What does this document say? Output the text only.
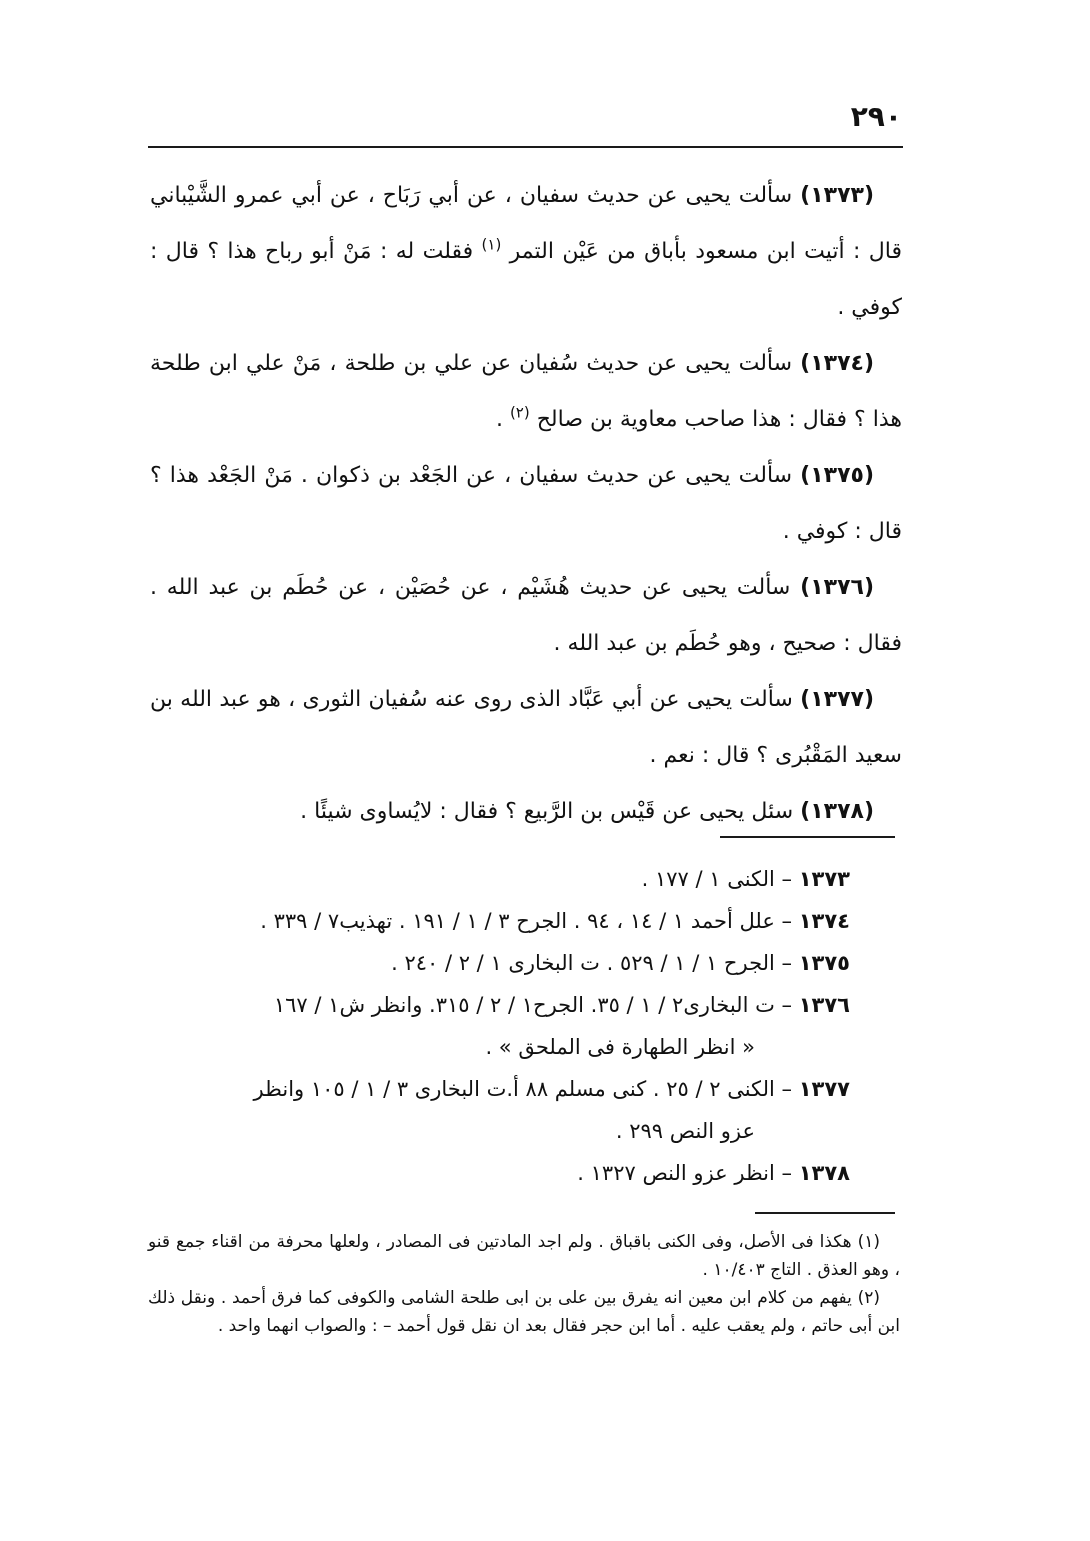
٢٩٠

(١٣٧٣) سألت يحيى عن حديث سفيان ، عن أبي رَبَاح ، عن أبي عمرو الشَّيْباني قال : أتيت ابن مسعود بأباق من عَيْن التمر $^{(١)}$ فقلت له : مَنْ أبو رباح هذا ؟ قال : كوفي .

(١٣٧٤) سألت يحيى عن حديث سُفيان عن علي بن طلحة ، مَنْ علي ابن طلحة هذا ؟ فقال : هذا صاحب معاوية بن صالح $^{(٢)}$ .

(١٣٧٥) سألت يحيى عن حديث سفيان ، عن الجَعْد بن ذكوان . مَنْ الجَعْد هذا ؟ قال : كوفي .

(١٣٧٦) سألت يحيى عن حديث هُشَيْم ، عن حُصَيْن ، عن حُطَم بن عبد الله . فقال : صحيح ، وهو حُطَم بن عبد الله .

(١٣٧٧) سألت يحيى عن أبي عَبَّاد الذى روى عنه سُفيان الثورى ، هو عبد الله بن سعيد المَقْبُرى ؟ قال : نعم .

(١٣٧٨) سئل يحيى عن قَيْس بن الرَّبيع ؟ فقال : لايُساوى شيئًا .

١٣٧٣ – الكنى ١ / ١٧٧ .

١٣٧٤ – علل أحمد ١ / ١٤ ، ٩٤ . الجرح ٣ / ١ / ١٩١ . تهذيب٧ / ٣٣٩ .

١٣٧٥ – الجرح ١ / ١ / ٥٢٩ . ت البخارى ١ / ٢ / ٢٤٠ .

١٣٧٦ – ت البخارى٢ / ١ / ٣٥. الجرح١ / ٢ / ٣١٥. وانظر ش١ / ١٦٧
« انظر الطهارة فى الملحق » .

١٣٧٧ – الكنى ٢ / ٢٥ . كنى مسلم ٨٨ أ.ت البخارى ٣ / ١ / ١٠٥ وانظر
عزو النص ٢٩٩ .

١٣٧٨ – انظر عزو النص ١٣٢٧ .

(١) هكذا فى الأصل، وفى الكنى باقباق . ولم اجد المادتين فى المصادر ، ولعلها محرفة من اقناء جمع قنو ، وهو العذق . التاج ١٠/٤٠٣ .

(٢) يفهم من كلام ابن معين انه يفرق بين على بن ابى طلحة الشامى والكوفى كما فرق أحمد . ونقل ذلك ابن أبى حاتم ، ولم يعقب عليه . أما ابن حجر فقال بعد ان نقل قول أحمد – : والصواب انهما واحد .
